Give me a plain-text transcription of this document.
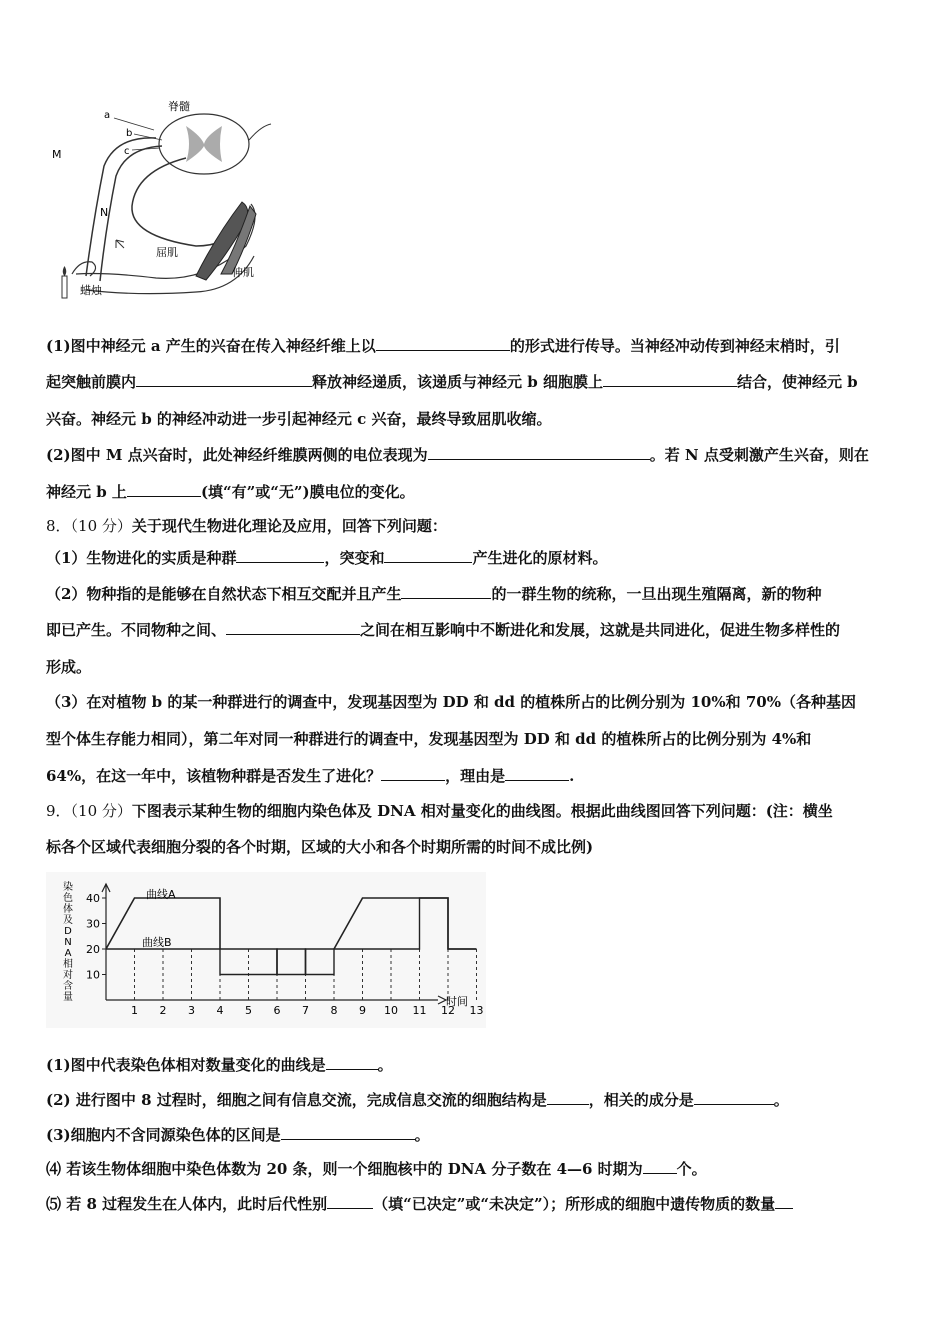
脊髓
a
b
c
M
N
屈肌
伸肌
蜡烛
(1)图中神经元 a 产生的兴奋在传入神经纤维上以	的形式进行传导。当神经冲动传到神经末梢时，引
起突触前膜内	释放神经递质，该递质与神经元 b 细胞膜上	结合，使神经元 b
兴奋。神经元 b 的神经冲动进一步引起神经元 c 兴奋，最终导致屈肌收缩。
(2)图中 M 点兴奋时，此处神经纤维膜两侧的电位表现为	。若 N 点受刺激产生兴奋，则在
神经元 b 上	(填“有”或“无”)膜电位的变化。
8．（10 分）关于现代生物进化理论及应用，回答下列问题：
（1）生物进化的实质是种群	，突变和	产生进化的原材料。
（2）物种指的是能够在自然状态下相互交配并且产生	的一群生物的统称，一旦出现生殖隔离，新的物种
即已产生。不同物种之间、	之间在相互影响中不断进化和发展，这就是共同进化，促进生物多样性的
形成。
（3）在对植物 b 的某一种群进行的调查中，发现基因型为 DD 和 dd 的植株所占的比例分别为 10%和 70%（各种基因
型个体生存能力相同），第二年对同一种群进行的调查中，发现基因型为 DD 和 dd 的植株所占的比例分别为 4%和
64%，在这一年中，该植物种群是否发生了进化？	，理由是	.
9．（10 分）下图表示某种生物的细胞内染色体及 DNA 相对量变化的曲线图。根据此曲线图回答下列问题：(注：横坐
标各个区域代表细胞分裂的各个时期，区域的大小和各个时期所需的时间不成比例)
染
色
体
及
D
N
A
相
对
含
量
10
20
30
40
1 2 3 4 5 6 7 8 9 10 11 12 13
时间
曲线A
曲线B
(1)图中代表染色体相对数量变化的曲线是	。
(2) 进行图中 8 过程时，细胞之间有信息交流，完成信息交流的细胞结构是	，相关的成分是	。
(3)细胞内不含同源染色体的区间是	。
⑷ 若该生物体细胞中染色体数为 20 条，则一个细胞核中的 DNA 分子数在 4—6 时期为 个。
⑸ 若 8 过程发生在人体内，此时后代性别	（填“已决定”或“未决定”）；所形成的细胞中遗传物质的数量
